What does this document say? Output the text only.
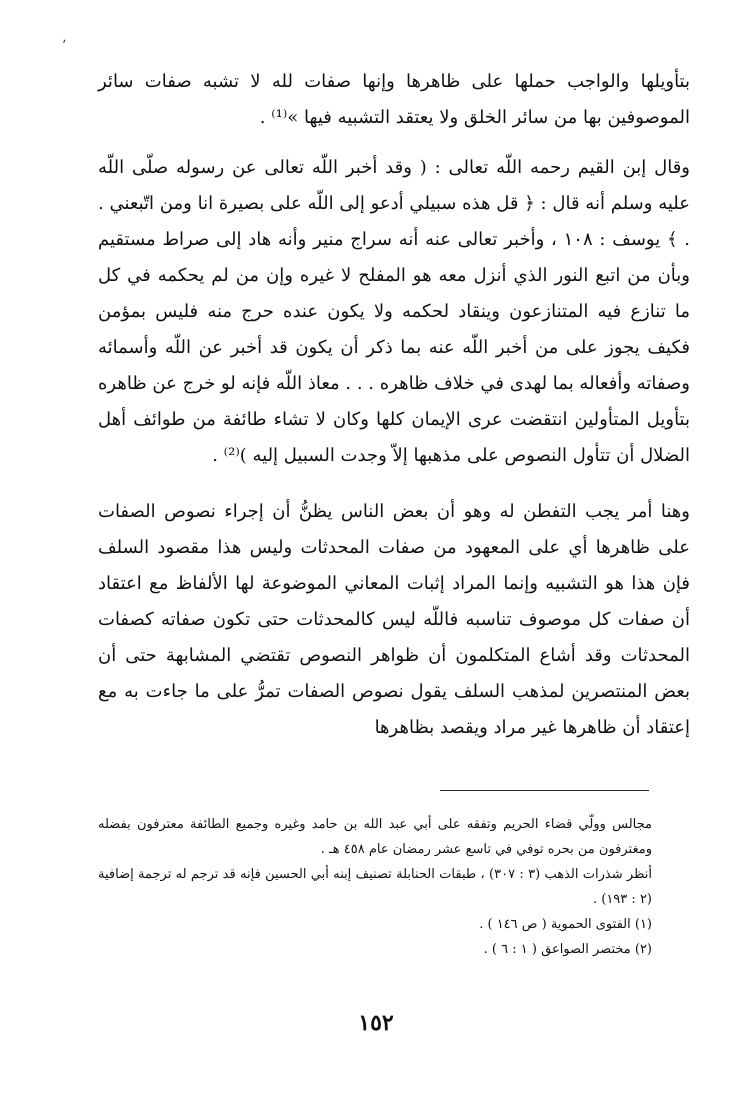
٬

بتأويلها والواجب حملها على ظاهرها وإنها صفات لله لا تشبه صفات سائر الموصوفين بها من سائر الخلق ولا يعتقد التشبيه فيها »⁽¹⁾ .

وقال إبن القيم رحمه اللّه تعالى : ( وقد أخبر اللّه تعالى عن رسوله صلّى اللّه عليه وسلم أنه قال : ﴿ قل هذه سبيلي أدعو إلى اللّه على بصيرة انا ومن اتّبعني . . ﴾ يوسف : ١٠٨ ، وأخبر تعالى عنه أنه سراج منير وأنه هاد إلى صراط مستقيم وبأن من اتبع النور الذي أنزل معه هو المفلح لا غيره وإن من لم يحكمه في كل ما تنازع فيه المتنازعون وينقاد لحكمه ولا يكون عنده حرج منه فليس بمؤمن فكيف يجوز على من أخبر اللّه عنه بما ذكر أن يكون قد أخبر عن اللّه وأسمائه وصفاته وأفعاله بما لهدى في خلاف ظاهره . . . معاذ اللّه فإنه لو خرج عن ظاهره بتأويل المتأولين انتقضت عرى الإيمان كلها وكان لا تشاء طائفة من طوائف أهل الضلال أن تتأول النصوص على مذهبها إلاّ وجدت السبيل إليه )⁽²⁾ .

وهنا أمر يجب التفطن له وهو أن بعض الناس يظنُّ أن إجراء نصوص الصفات على ظاهرها أي على المعهود من صفات المحدثات وليس هذا مقصود السلف فإن هذا هو التشبيه وإنما المراد إثبات المعاني الموضوعة لها الألفاظ مع اعتقاد أن صفات كل موصوف تناسبه فاللّه ليس كالمحدثات حتى تكون صفاته كصفات المحدثات وقد أشاع المتكلمون أن ظواهر النصوص تقتضي المشابهة حتى أن بعض المنتصرين لمذهب السلف يقول نصوص الصفات تمرُّ على ما جاءت به مع إعتقاد أن ظاهرها غير مراد ويقصد بظاهرها

مجالس وولّي قضاء الحريم وتفقه على أبي عبد الله بن حامد وغيره وجميع الطائفة معترفون بفضله ومغترفون من بحره توفي في تاسع عشر رمضان عام ٤٥٨ هـ .

أنظر شذرات الذهب (٣ : ٣٠٧) ، طبقات الحنابلة تصنيف إبنه أبي الحسين فإنه قد ترجم له ترجمة إضافية (٢ : ١٩٣) .

(١) الفتوى الحموية ( ص ١٤٦ ) .

(٢) مختصر الصواعق ( ١ : ٦ ) .

١٥٢
